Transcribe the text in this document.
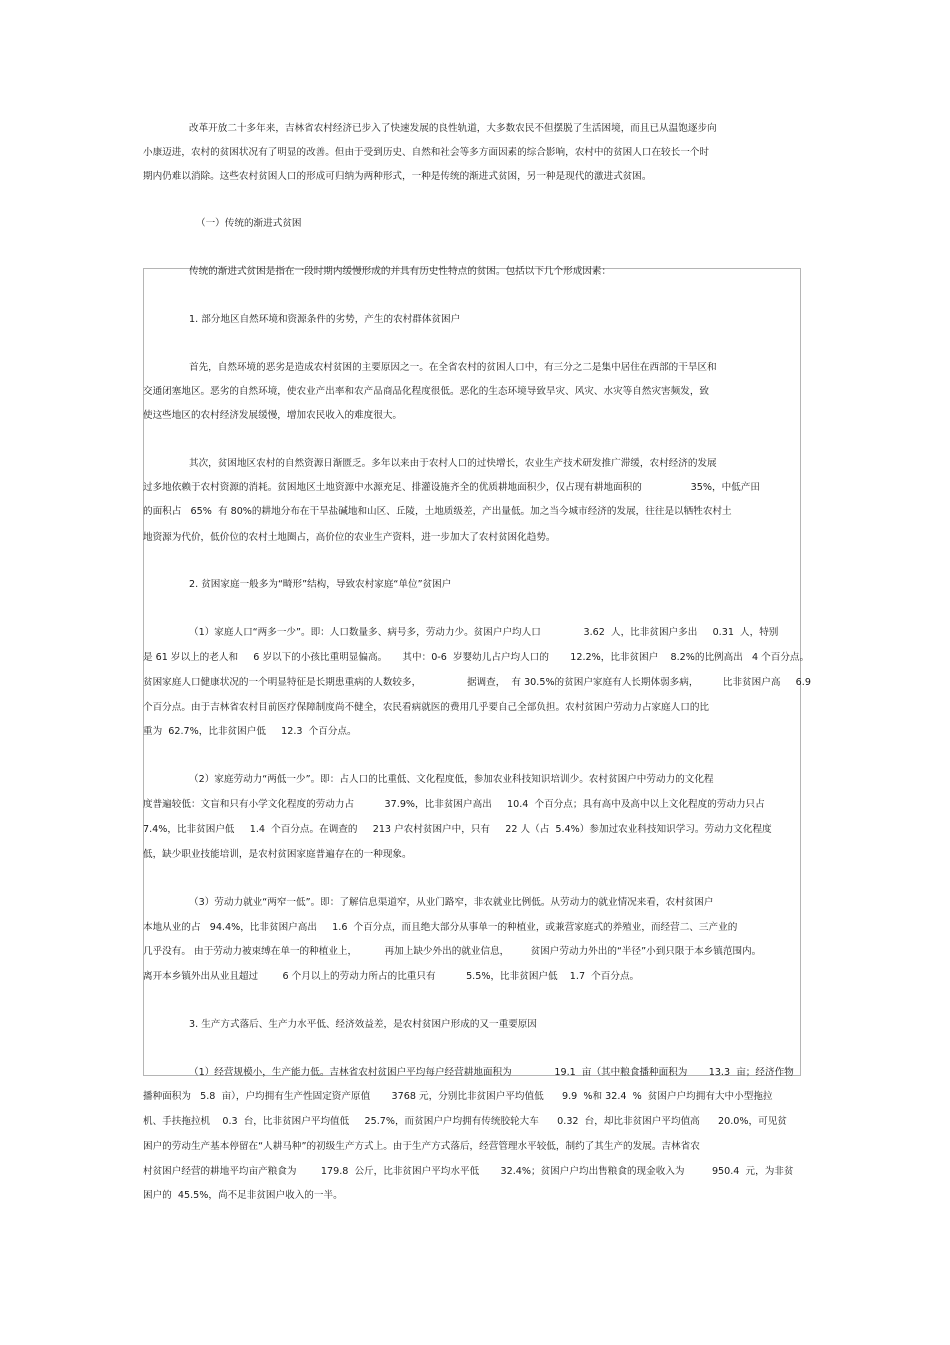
改革开放二十多年来，吉林省农村经济已步入了快速发展的良性轨道，大多数农民不但摆脱了生活困境，而且已从温饱逐步向
小康迈进，农村的贫困状况有了明显的改善。但由于受到历史、自然和社会等多方面因素的综合影响，农村中的贫困人口在较长一个时
期内仍难以消除。这些农村贫困人口的形成可归纳为两种形式，一种是传统的渐进式贫困，另一种是现代的激进式贫困。
（一）传统的渐进式贫困
传统的渐进式贫困是指在一段时期内缓慢形成的并具有历史性特点的贫困。包括以下几个形成因素：
1. 部分地区自然环境和资源条件的劣势，产生的农村群体贫困户
首先，自然环境的恶劣是造成农村贫困的主要原因之一。在全省农村的贫困人口中，有三分之二是集中居住在西部的干旱区和
交通闭塞地区。恶劣的自然环境，使农业产出率和农产品商品化程度很低。恶化的生态环境导致旱灾、风灾、水灾等自然灾害频发，致
使这些地区的农村经济发展缓慢，增加农民收入的难度很大。
其次，贫困地区农村的自然资源日渐匮乏。多年以来由于农村人口的过快增长，农业生产技术研发推广滞缓，农村经济的发展
过多地依赖于农村资源的消耗。贫困地区土地资源中水源充足、排灌设施齐全的优质耕地面积少，仅占现有耕地面积的                35%，中低产田
的面积占   65%  有 80%的耕地分布在干旱盐碱地和山区、丘陵，土地质级差，产出量低。加之当今城市经济的发展，往往是以牺牲农村土
地资源为代价，低价位的农村土地圈占，高价位的农业生产资料，进一步加大了农村贫困化趋势。
2. 贫困家庭一般多为“畸形”结构，导致农村家庭“单位”贫困户
（1）家庭人口“两多一少”。即：人口数量多、病号多，劳动力少。贫困户户均人口              3.62  人，比非贫困户多出     0.31  人，特别
是 61 岁以上的老人和     6 岁以下的小孩比重明显偏高。     其中：0-6  岁婴幼儿占户均人口的       12.2%，比非贫困户    8.2%的比例高出   4 个百分点。
贫困家庭人口健康状况的一个明显特征是长期患重病的人数较多，               据调查，  有 30.5%的贫困户家庭有人长期体弱多病，        比非贫困户高     6.9
个百分点。由于吉林省农村目前医疗保障制度尚不健全，农民看病就医的费用几乎要自己全部负担。农村贫困户劳动力占家庭人口的比
重为  62.7%，比非贫困户低     12.3  个百分点。
（2）家庭劳动力“两低一少”。即：占人口的比重低、文化程度低，参加农业科技知识培训少。农村贫困户中劳动力的文化程
度普遍较低：文盲和只有小学文化程度的劳动力占          37.9%，比非贫困户高出     10.4  个百分点；具有高中及高中以上文化程度的劳动力只占
7.4%，比非贫困户低     1.4  个百分点。在调查的     213 户农村贫困户中，只有     22 人（占  5.4%）参加过农业科技知识学习。劳动力文化程度
低，缺少职业技能培训，是农村贫困家庭普遍存在的一种现象。
（3）劳动力就业“两窄一低”。即：了解信息渠道窄，从业门路窄，非农就业比例低。从劳动力的就业情况来看，农村贫困户
本地从业的占   94.4%，比非贫困户高出     1.6  个百分点，而且绝大部分从事单一的种植业，或兼营家庭式的养殖业，而经营二、三产业的
几乎没有。 由于劳动力被束缚在单一的种植业上，         再加上缺少外出的就业信息，       贫困户劳动力外出的“半径”小到只限于本乡镇范围内。
离开本乡镇外出从业且超过        6 个月以上的劳动力所占的比重只有          5.5%，比非贫困户低    1.7  个百分点。
3. 生产方式落后、生产力水平低、经济效益差，是农村贫困户形成的又一重要原因
（1）经营规模小，生产能力低。吉林省农村贫困户平均每户经营耕地面积为              19.1  亩（其中粮食播种面积为       13.3  亩；经济作物
播种面积为   5.8  亩），户均拥有生产性固定资产原值       3768 元，分别比非贫困户平均值低      9.9  %和 32.4  %  贫困户户均拥有大中小型拖拉
机、手扶拖拉机    0.3  台，比非贫困户平均值低     25.7%，而贫困户户均拥有传统胶轮大车      0.32  台，却比非贫困户平均值高      20.0%，可见贫
困户的劳动生产基本停留在“人耕马种”的初级生产方式上。由于生产方式落后，经营管理水平较低，制约了其生产的发展。吉林省农
村贫困户经营的耕地平均亩产粮食为        179.8  公斤，比非贫困户平均水平低       32.4%；贫困户户均出售粮食的现金收入为         950.4  元，为非贫
困户的  45.5%，尚不足非贫困户收入的一半。
